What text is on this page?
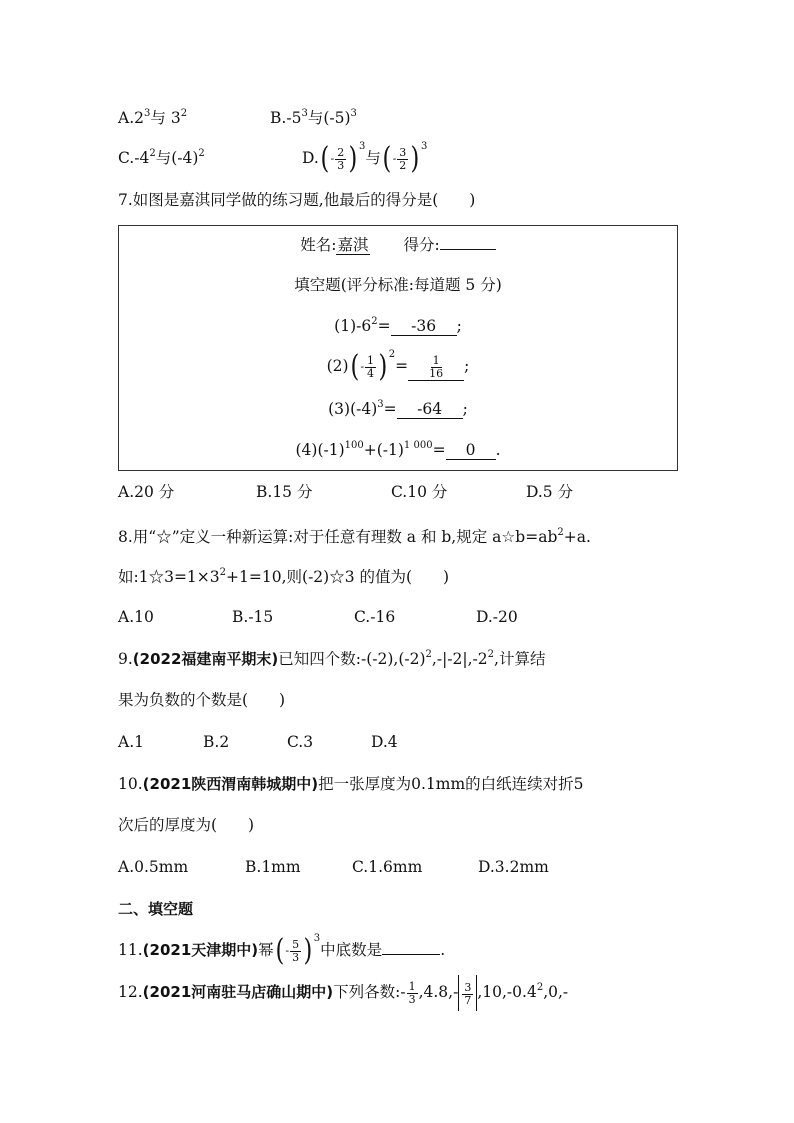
$A.2^3$与 $3^2$	$B.-5^3$与$(-5)^3$
$C.-4^2$与$(-4)^2$	$D.(- \frac{2}{3} )^3$与(- $\frac{3}{2} )^3$
7.如图是嘉淇同学做的练习题,他最后的得分是(　　)
姓名:嘉淇 得分:
填空题(评分标准:每道题 5 分)
$(1)-6^2= -36$ ;
$(2)(- \frac{1}{4} )^2= \frac{1}{16}$ ;
$(3)(-4)^3= -64$ ;
$(4)(-1)^{100}+(-1)^{1 000}= 0$ .
A.20 分	B.15 分	C.10 分	D.5 分
8.用“☆”定义一种新运算:对于任意有理数 a 和 b,规定 $a☆b=ab^2+a$.
如$:1☆3=1\times 3^2+1=10$,则(-2)☆3 的值为(　　)
A.10	B.-15	C.-16	D.-20
9.(2022福建南平期末)已知四个数$:-(-2),(-2)^2,-|-2|,-2^2$,计算结
果为负数的个数是(　　)
A.1	B.2	C.3	D.4
10.(2021陕西渭南韩城期中)把一张厚度为0.1mm的白纸连续对折5
次后的厚度为(　　)
A.0.5mm	B.1mm	C.1.6mm	D.3.2mm
二、填空题
11.(2021天津期中)幂(- $\frac{5}{3} )^3$中底数是	.
12.(2021河南驻马店确山期中)下列各数:- $\frac{1}{3} ,4.8,- \frac{3}{7} ,10,-0.4^2,0,-$
